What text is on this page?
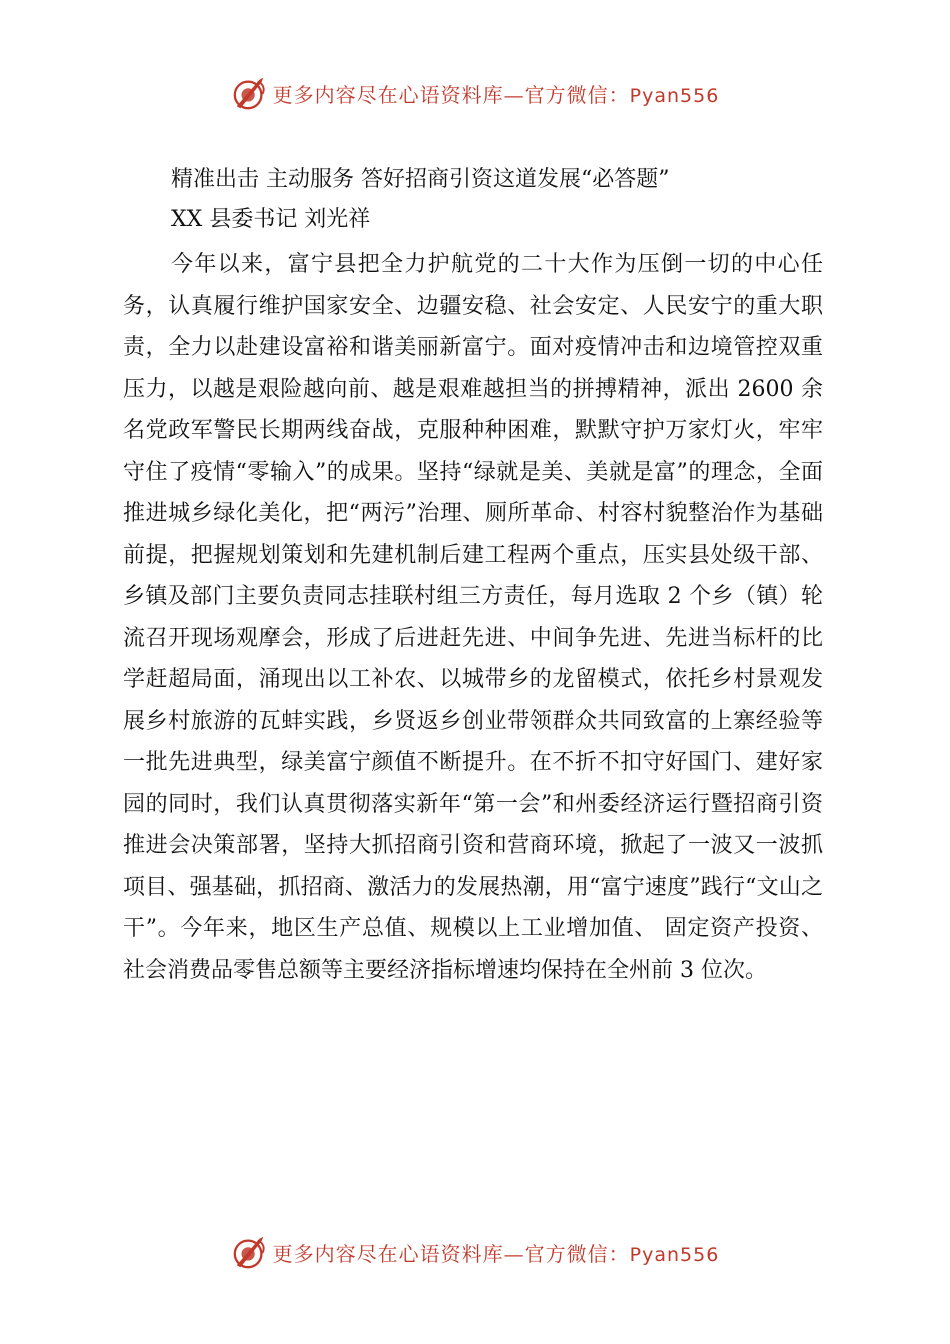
更多内容尽在心语资料库—官方微信：Pyan556
精准出击 主动服务 答好招商引资这道发展“必答题”
XX 县委书记 刘光祥

今年以来，富宁县把全力护航党的二十大作为压倒一切的中心任务，认真履行维护国家安全、边疆安稳、社会安定、人民安宁的重大职责，全力以赴建设富裕和谐美丽新富宁。面对疫情冲击和边境管控双重压力，以越是艰险越向前、越是艰难越担当的拼搏精神，派出 2600 余名党政军警民长期两线奋战，克服种种困难，默默守护万家灯火，牢牢守住了疫情“零输入”的成果。坚持“绿就是美、美就是富”的理念，全面推进城乡绿化美化，把“两污”治理、厕所革命、村容村貌整治作为基础前提，把握规划策划和先建机制后建工程两个重点，压实县处级干部、乡镇及部门主要负责同志挂联村组三方责任，每月选取 2 个乡（镇）轮流召开现场观摩会，形成了后进赶先进、中间争先进、先进当标杆的比学赶超局面，涌现出以工补农、以城带乡的龙留模式，依托乡村景观发展乡村旅游的瓦蚌实践，乡贤返乡创业带领群众共同致富的上寨经验等一批先进典型，绿美富宁颜值不断提升。在不折不扣守好国门、建好家园的同时，我们认真贯彻落实新年“第一会”和州委经济运行暨招商引资推进会决策部署，坚持大抓招商引资和营商环境，掀起了一波又一波抓项目、强基础，抓招商、激活力的发展热潮，用“富宁速度”践行“文山之干”。今年来，地区生产总值、规模以上工业增加值、 固定资产投资、社会消费品零售总额等主要经济指标增速均保持在全州前 3 位次。

更多内容尽在心语资料库—官方微信：Pyan556
